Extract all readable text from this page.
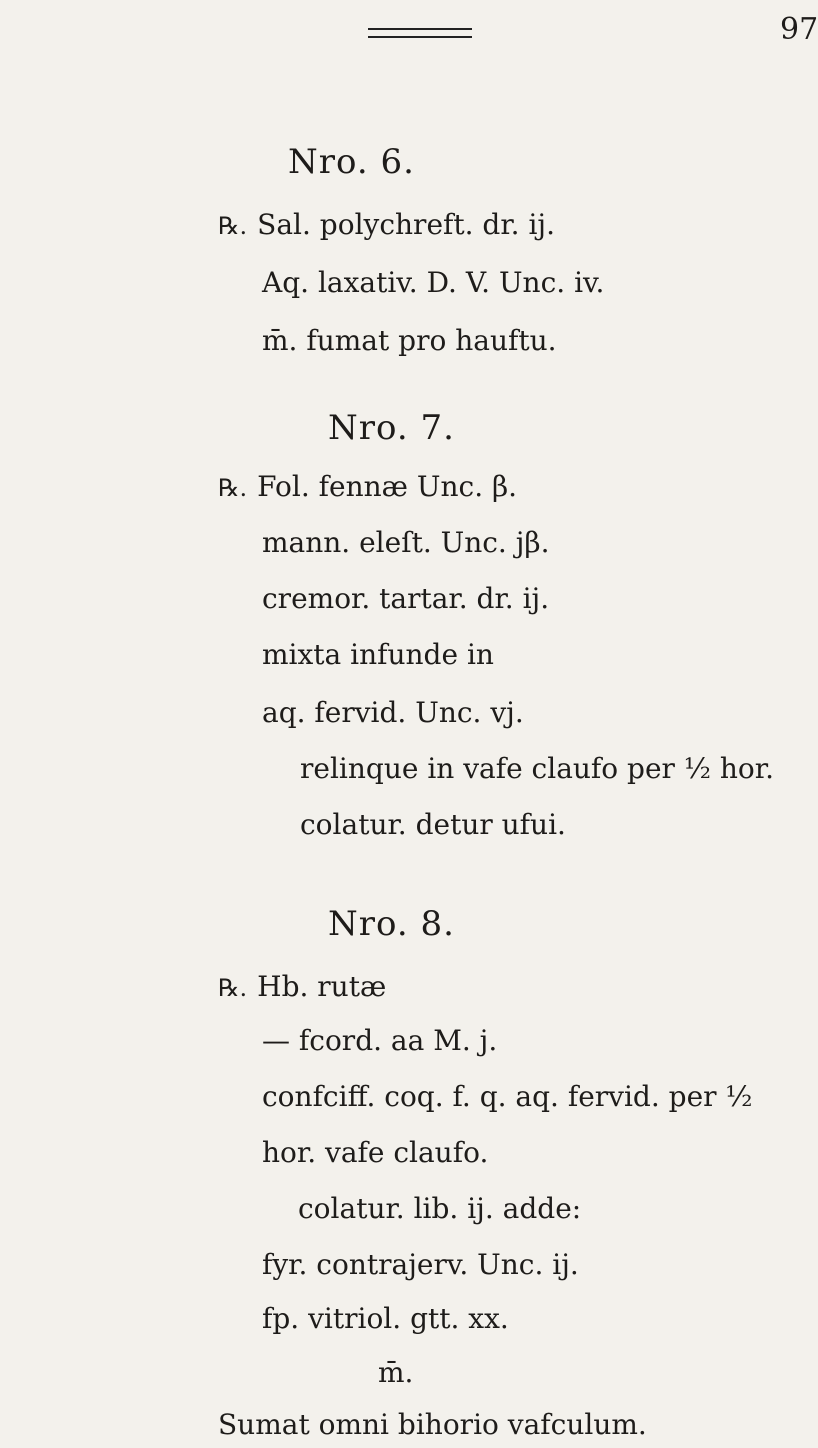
97
Nro. 6.
℞. Sal. polychreft. dr. ij.
Aq. laxativ. D. V. Unc. iv.
m̄. fumat pro hauftu.
Nro. 7.
℞. Fol. fennæ Unc. β.
mann. eleſt. Unc. jβ.
cremor. tartar. dr. ij.
mixta infunde in
aq. fervid. Unc. vj.
relinque in vafe claufo per ½ hor.
colatur. detur ufui.
Nro. 8.
℞. Hb. rutæ
— fcord. aa M. j.
confciff. coq. f. q. aq. fervid. per ½
hor. vafe claufo.
colatur. lib. ij. adde:
fyr. contrajerv. Unc. ij.
fp. vitriol. gtt. xx.
m̄.
Sumat omni bihorio vafculum.
